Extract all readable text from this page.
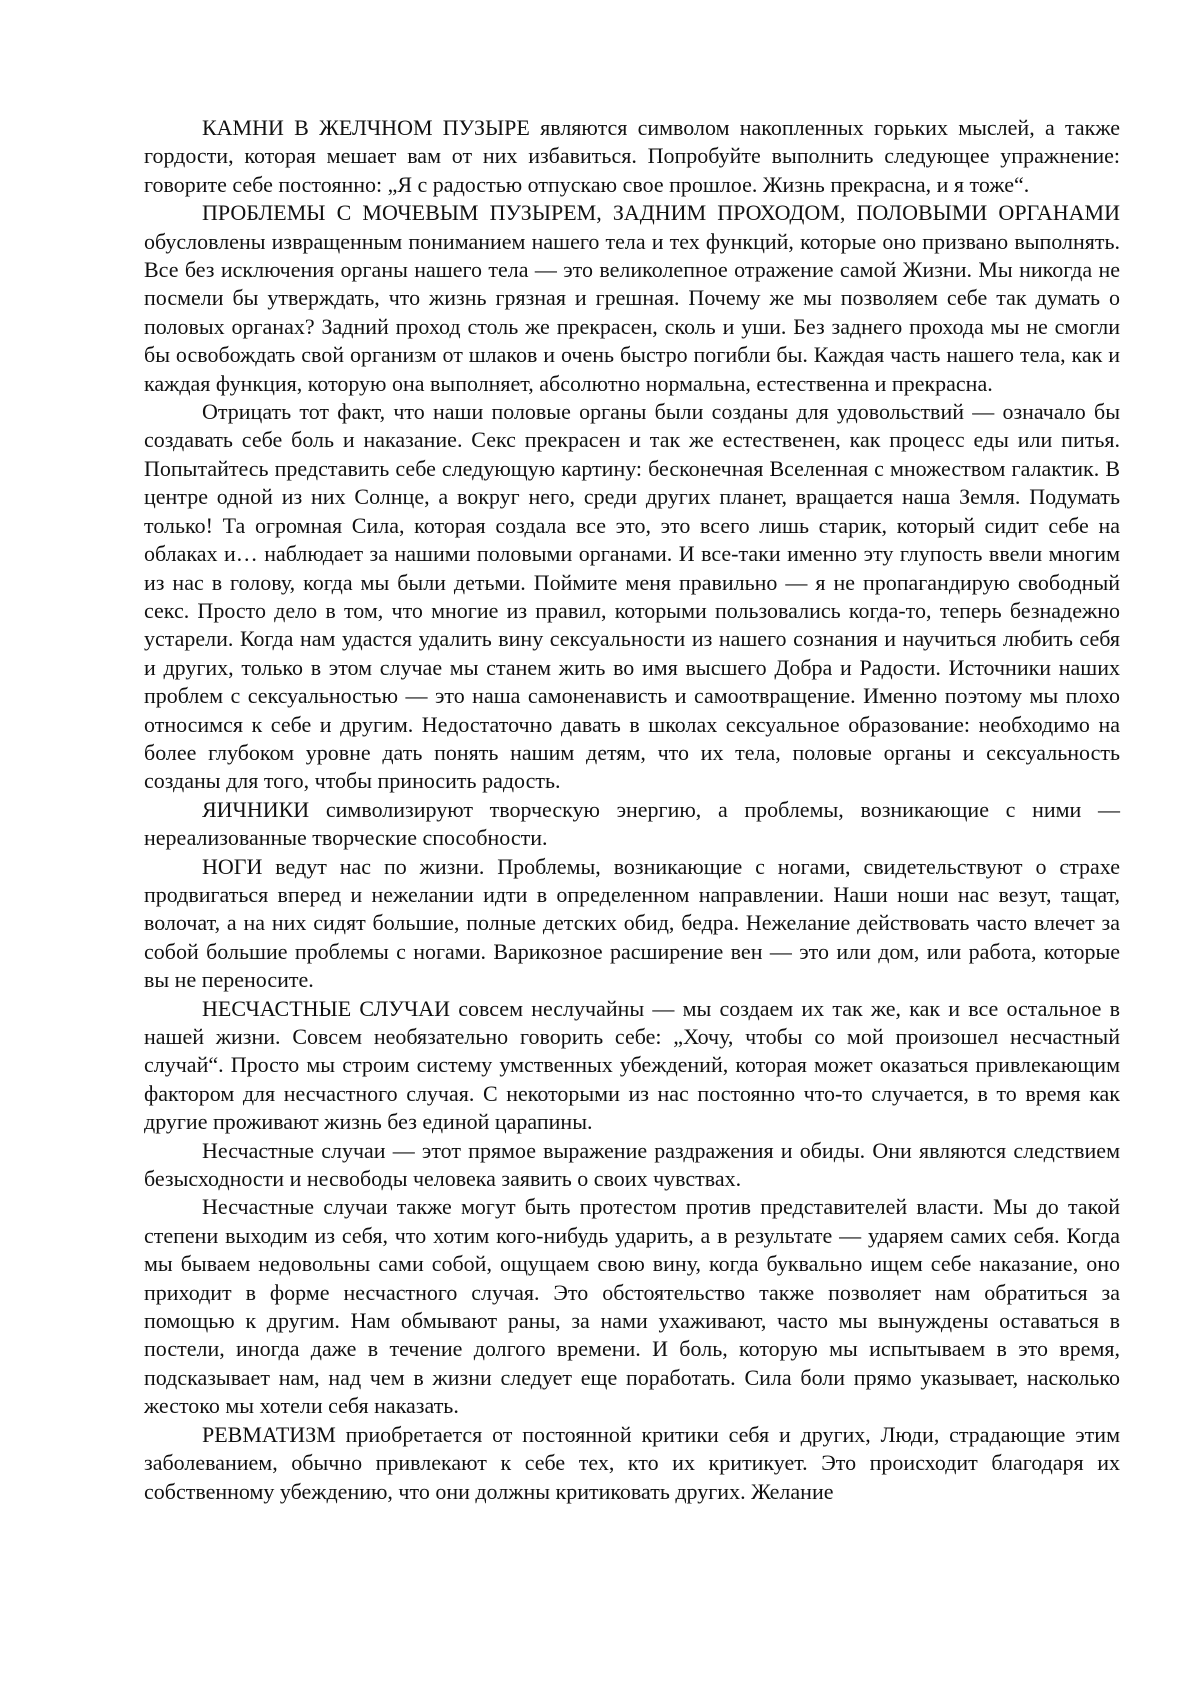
КАМНИ В ЖЕЛЧНОМ ПУЗЫРЕ являются символом накопленных горьких мыслей, а также гордости, которая мешает вам от них избавиться. Попробуйте выполнить следующее упражнение: говорите себе постоянно: „Я с радостью отпускаю свое прошлое. Жизнь прекрасна, и я тоже“.

ПРОБЛЕМЫ С МОЧЕВЫМ ПУЗЫРЕМ, ЗАДНИМ ПРОХОДОМ, ПОЛОВЫМИ ОРГАНАМИ обусловлены извращенным пониманием нашего тела и тех функций, которые оно призвано выполнять. Все без исключения органы нашего тела — это великолепное отражение самой Жизни. Мы никогда не посмели бы утверждать, что жизнь грязная и грешная. Почему же мы позволяем себе так думать о половых органах? Задний проход столь же прекрасен, сколь и уши. Без заднего прохода мы не смогли бы освобождать свой организм от шлаков и очень быстро погибли бы. Каждая часть нашего тела, как и каждая функция, которую она выполняет, абсолютно нормальна, естественна и прекрасна.

Отрицать тот факт, что наши половые органы были созданы для удовольствий — означало бы создавать себе боль и наказание. Секс прекрасен и так же естественен, как процесс еды или питья. Попытайтесь представить себе следующую картину: бесконечная Вселенная с множеством галактик. В центре одной из них Солнце, а вокруг него, среди других планет, вращается наша Земля. Подумать только! Та огромная Сила, которая создала все это, это всего лишь старик, который сидит себе на облаках и… наблюдает за нашими половыми органами. И все-таки именно эту глупость ввели многим из нас в голову, когда мы были детьми. Поймите меня правильно — я не пропагандирую свободный секс. Просто дело в том, что многие из правил, которыми пользовались когда-то, теперь безнадежно устарели. Когда нам удастся удалить вину сексуальности из нашего сознания и научиться любить себя и других, только в этом случае мы станем жить во имя высшего Добра и Радости. Источники наших проблем с сексуальностью — это наша самоненависть и самоотвращение. Именно поэтому мы плохо относимся к себе и другим. Недостаточно давать в школах сексуальное образование: необходимо на более глубоком уровне дать понять нашим детям, что их тела, половые органы и сексуальность созданы для того, чтобы приносить радость.

ЯИЧНИКИ символизируют творческую энергию, а проблемы, возникающие с ними — нереализованные творческие способности.

НОГИ ведут нас по жизни. Проблемы, возникающие с ногами, свидетельствуют о страхе продвигаться вперед и нежелании идти в определенном направлении. Наши ноши нас везут, тащат, волочат, а на них сидят большие, полные детских обид, бедра. Нежелание действовать часто влечет за собой большие проблемы с ногами. Варикозное расширение вен — это или дом, или работа, которые вы не переносите.

НЕСЧАСТНЫЕ СЛУЧАИ совсем неслучайны — мы создаем их так же, как и все остальное в нашей жизни. Совсем необязательно говорить себе: „Хочу, чтобы со мой произошел несчастный случай“. Просто мы строим систему умственных убеждений, которая может оказаться привлекающим фактором для несчастного случая. С некоторыми из нас постоянно что-то случается, в то время как другие проживают жизнь без единой царапины.

Несчастные случаи — этот прямое выражение раздражения и обиды. Они являются следствием безысходности и несвободы человека заявить о своих чувствах.

Несчастные случаи также могут быть протестом против представителей власти. Мы до такой степени выходим из себя, что хотим кого-нибудь ударить, а в результате — ударяем самих себя. Когда мы бываем недовольны сами собой, ощущаем свою вину, когда буквально ищем себе наказание, оно приходит в форме несчастного случая. Это обстоятельство также позволяет нам обратиться за помощью к другим. Нам обмывают раны, за нами ухаживают, часто мы вынуждены оставаться в постели, иногда даже в течение долгого времени. И боль, которую мы испытываем в это время, подсказывает нам, над чем в жизни следует еще поработать. Сила боли прямо указывает, насколько жестоко мы хотели себя наказать.

РЕВМАТИЗМ приобретается от постоянной критики себя и других, Люди, страдающие этим заболеванием, обычно привлекают к себе тех, кто их критикует. Это происходит благодаря их собственному убеждению, что они должны критиковать других. Желание
